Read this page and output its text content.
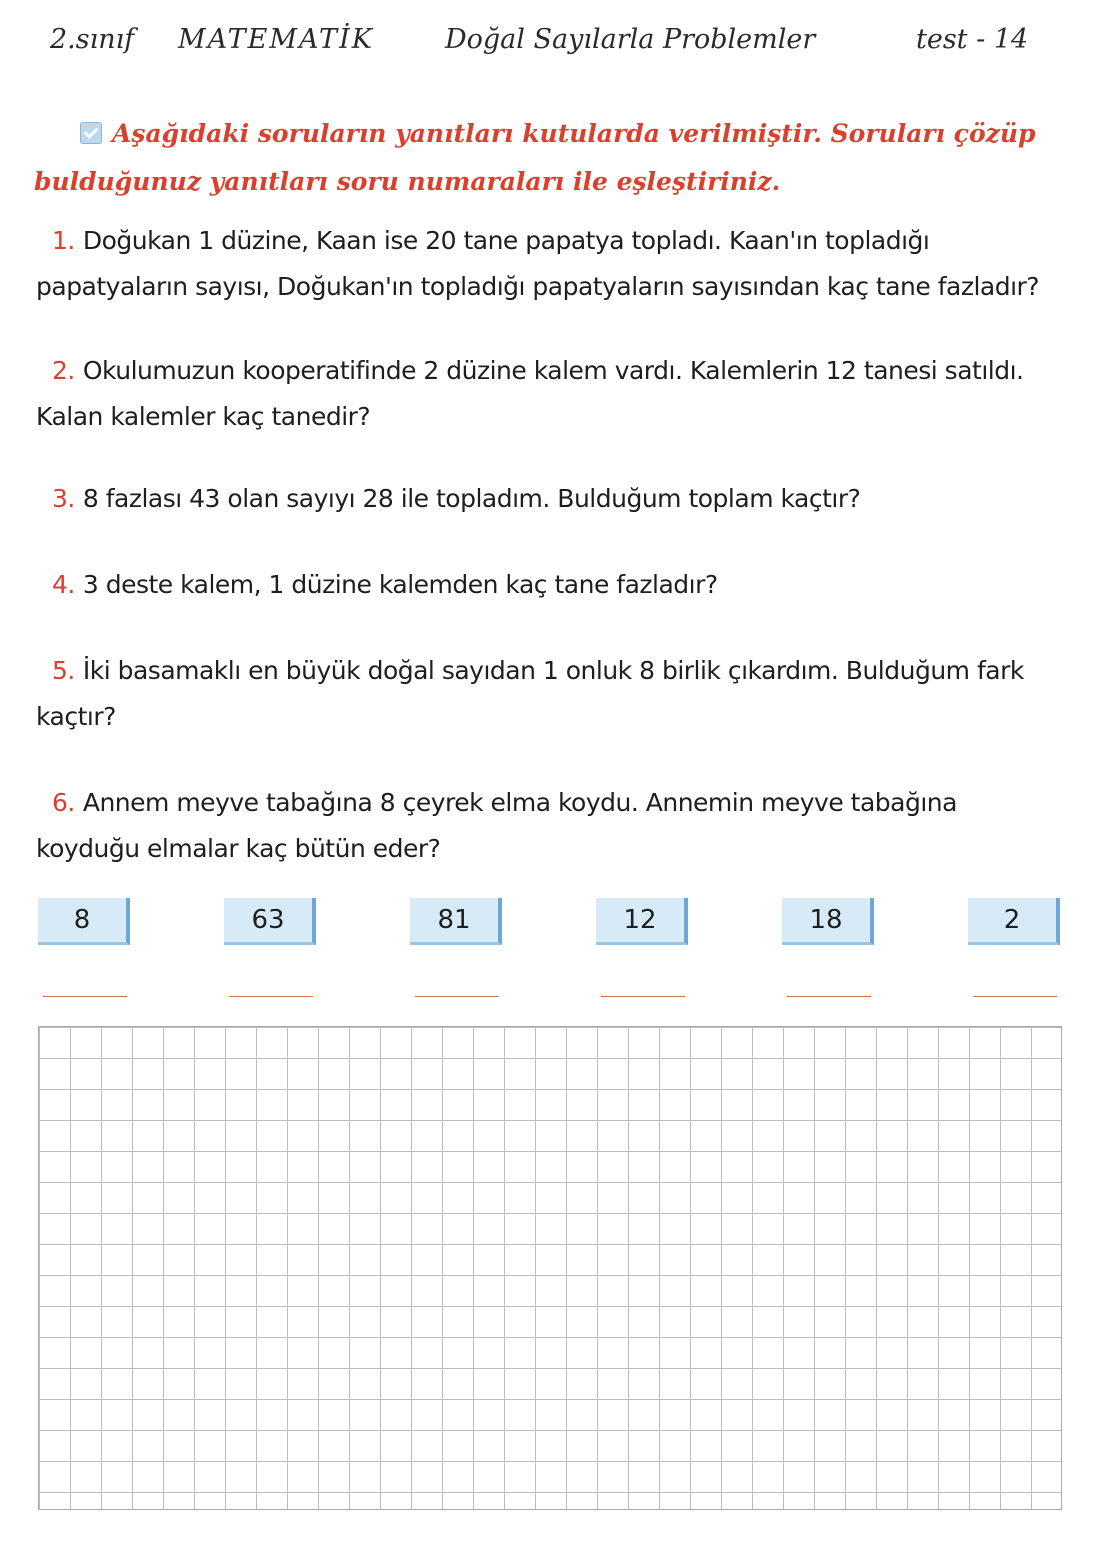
2.sınıf MATEMATİK	Doğal Sayılarla Problemler	test - 14
Aşağıdaki soruların yanıtları kutularda verilmiştir. Soruları çözüp bulduğunuz yanıtları soru numaraları ile eşleştiriniz.
1. Doğukan 1 düzine, Kaan ise 20 tane papatya topladı. Kaan'ın topladığı papatyaların sayısı, Doğukan'ın topladığı papatyaların sayısından kaç tane fazladır?
2. Okulumuzun kooperatifinde 2 düzine kalem vardı. Kalemlerin 12 tanesi satıldı. Kalan kalemler kaç tanedir?
3. 8 fazlası 43 olan sayıyı 28 ile topladım. Bulduğum toplam kaçtır?
4. 3 deste kalem, 1 düzine kalemden kaç tane fazladır?
5. İki basamaklı en büyük doğal sayıdan 1 onluk 8 birlik çıkardım. Bulduğum fark kaçtır?
6. Annem meyve tabağına 8 çeyrek elma koydu. Annemin meyve tabağına koyduğu elmalar kaç bütün eder?
8	63	81	12	18	2
